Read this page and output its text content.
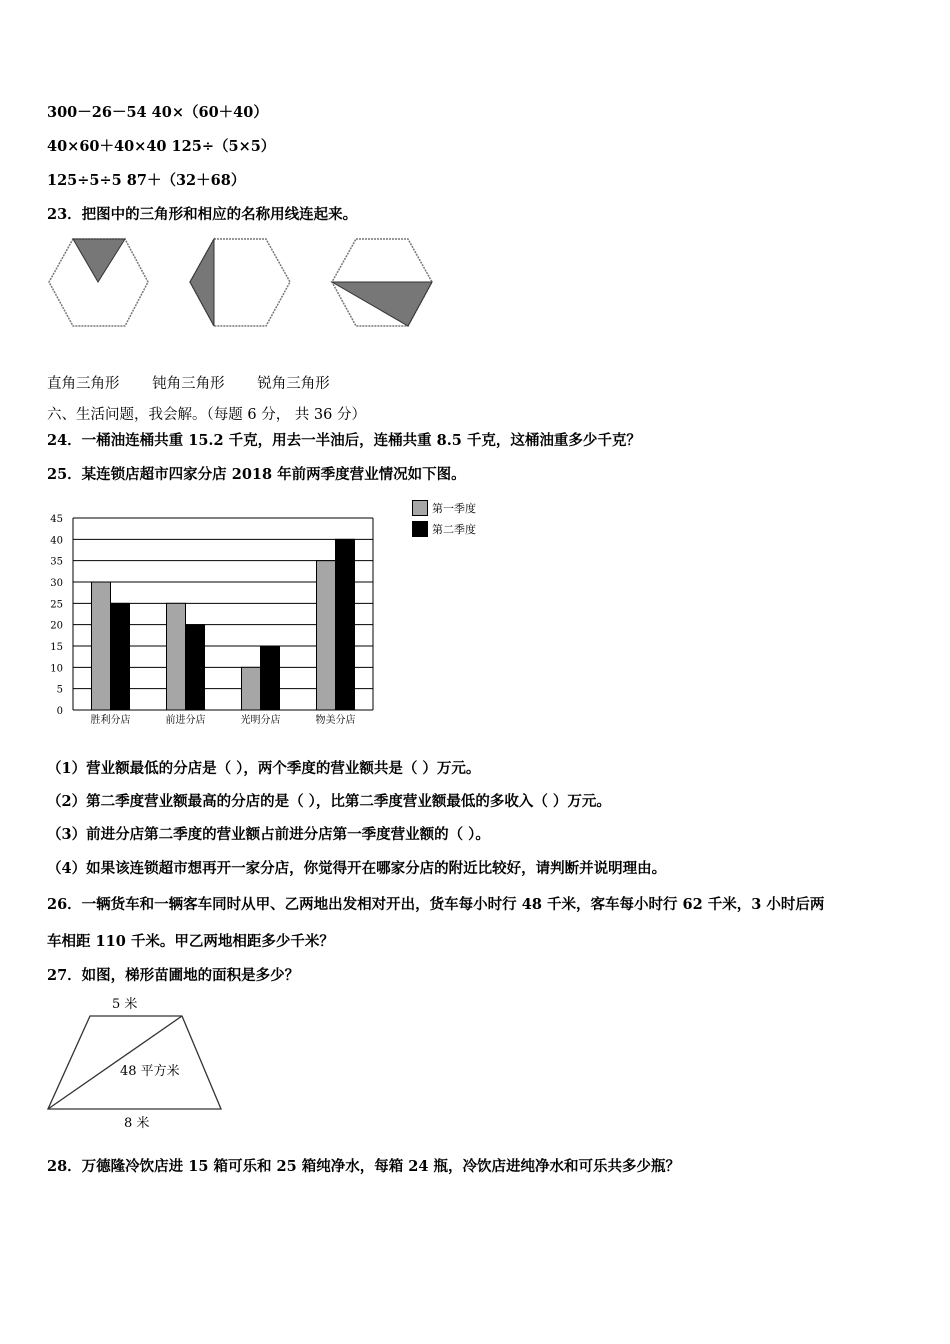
300－26－54 40×（60＋40）
40×60＋40×40 125÷（5×5）
125÷5÷5 87＋（32＋68）
23．把图中的三角形和相应的名称用线连起来。
直角三角形 钝角三角形 锐角三角形
六、生活问题，我会解。（每题 6 分， 共 36 分）
24．一桶油连桶共重 15.2 千克，用去一半油后，连桶共重 8.5 千克，这桶油重多少千克？
25．某连锁店超市四家分店 2018 年前两季度营业情况如下图。
0
5
10
15
20
25
30
35
40
45
胜利分店	前进分店	光明分店	物美分店
第一季度
第二季度
（1）营业额最低的分店是（ ），两个季度的营业额共是（ ）万元。
（2）第二季度营业额最高的分店的是（ ），比第二季度营业额最低的多收入（ ）万元。
（3）前进分店第二季度的营业额占前进分店第一季度营业额的（ ）。
（4）如果该连锁超市想再开一家分店，你觉得开在哪家分店的附近比较好，请判断并说明理由。
26．一辆货车和一辆客车同时从甲、乙两地出发相对开出，货车每小时行 48 千米，客车每小时行 62 千米，3 小时后两
车相距 110 千米。甲乙两地相距多少千米？
27．如图，梯形苗圃地的面积是多少？
5 米
48 平方米
8 米
28．万德隆冷饮店进 15 箱可乐和 25 箱纯净水，每箱 24 瓶，冷饮店进纯净水和可乐共多少瓶？
